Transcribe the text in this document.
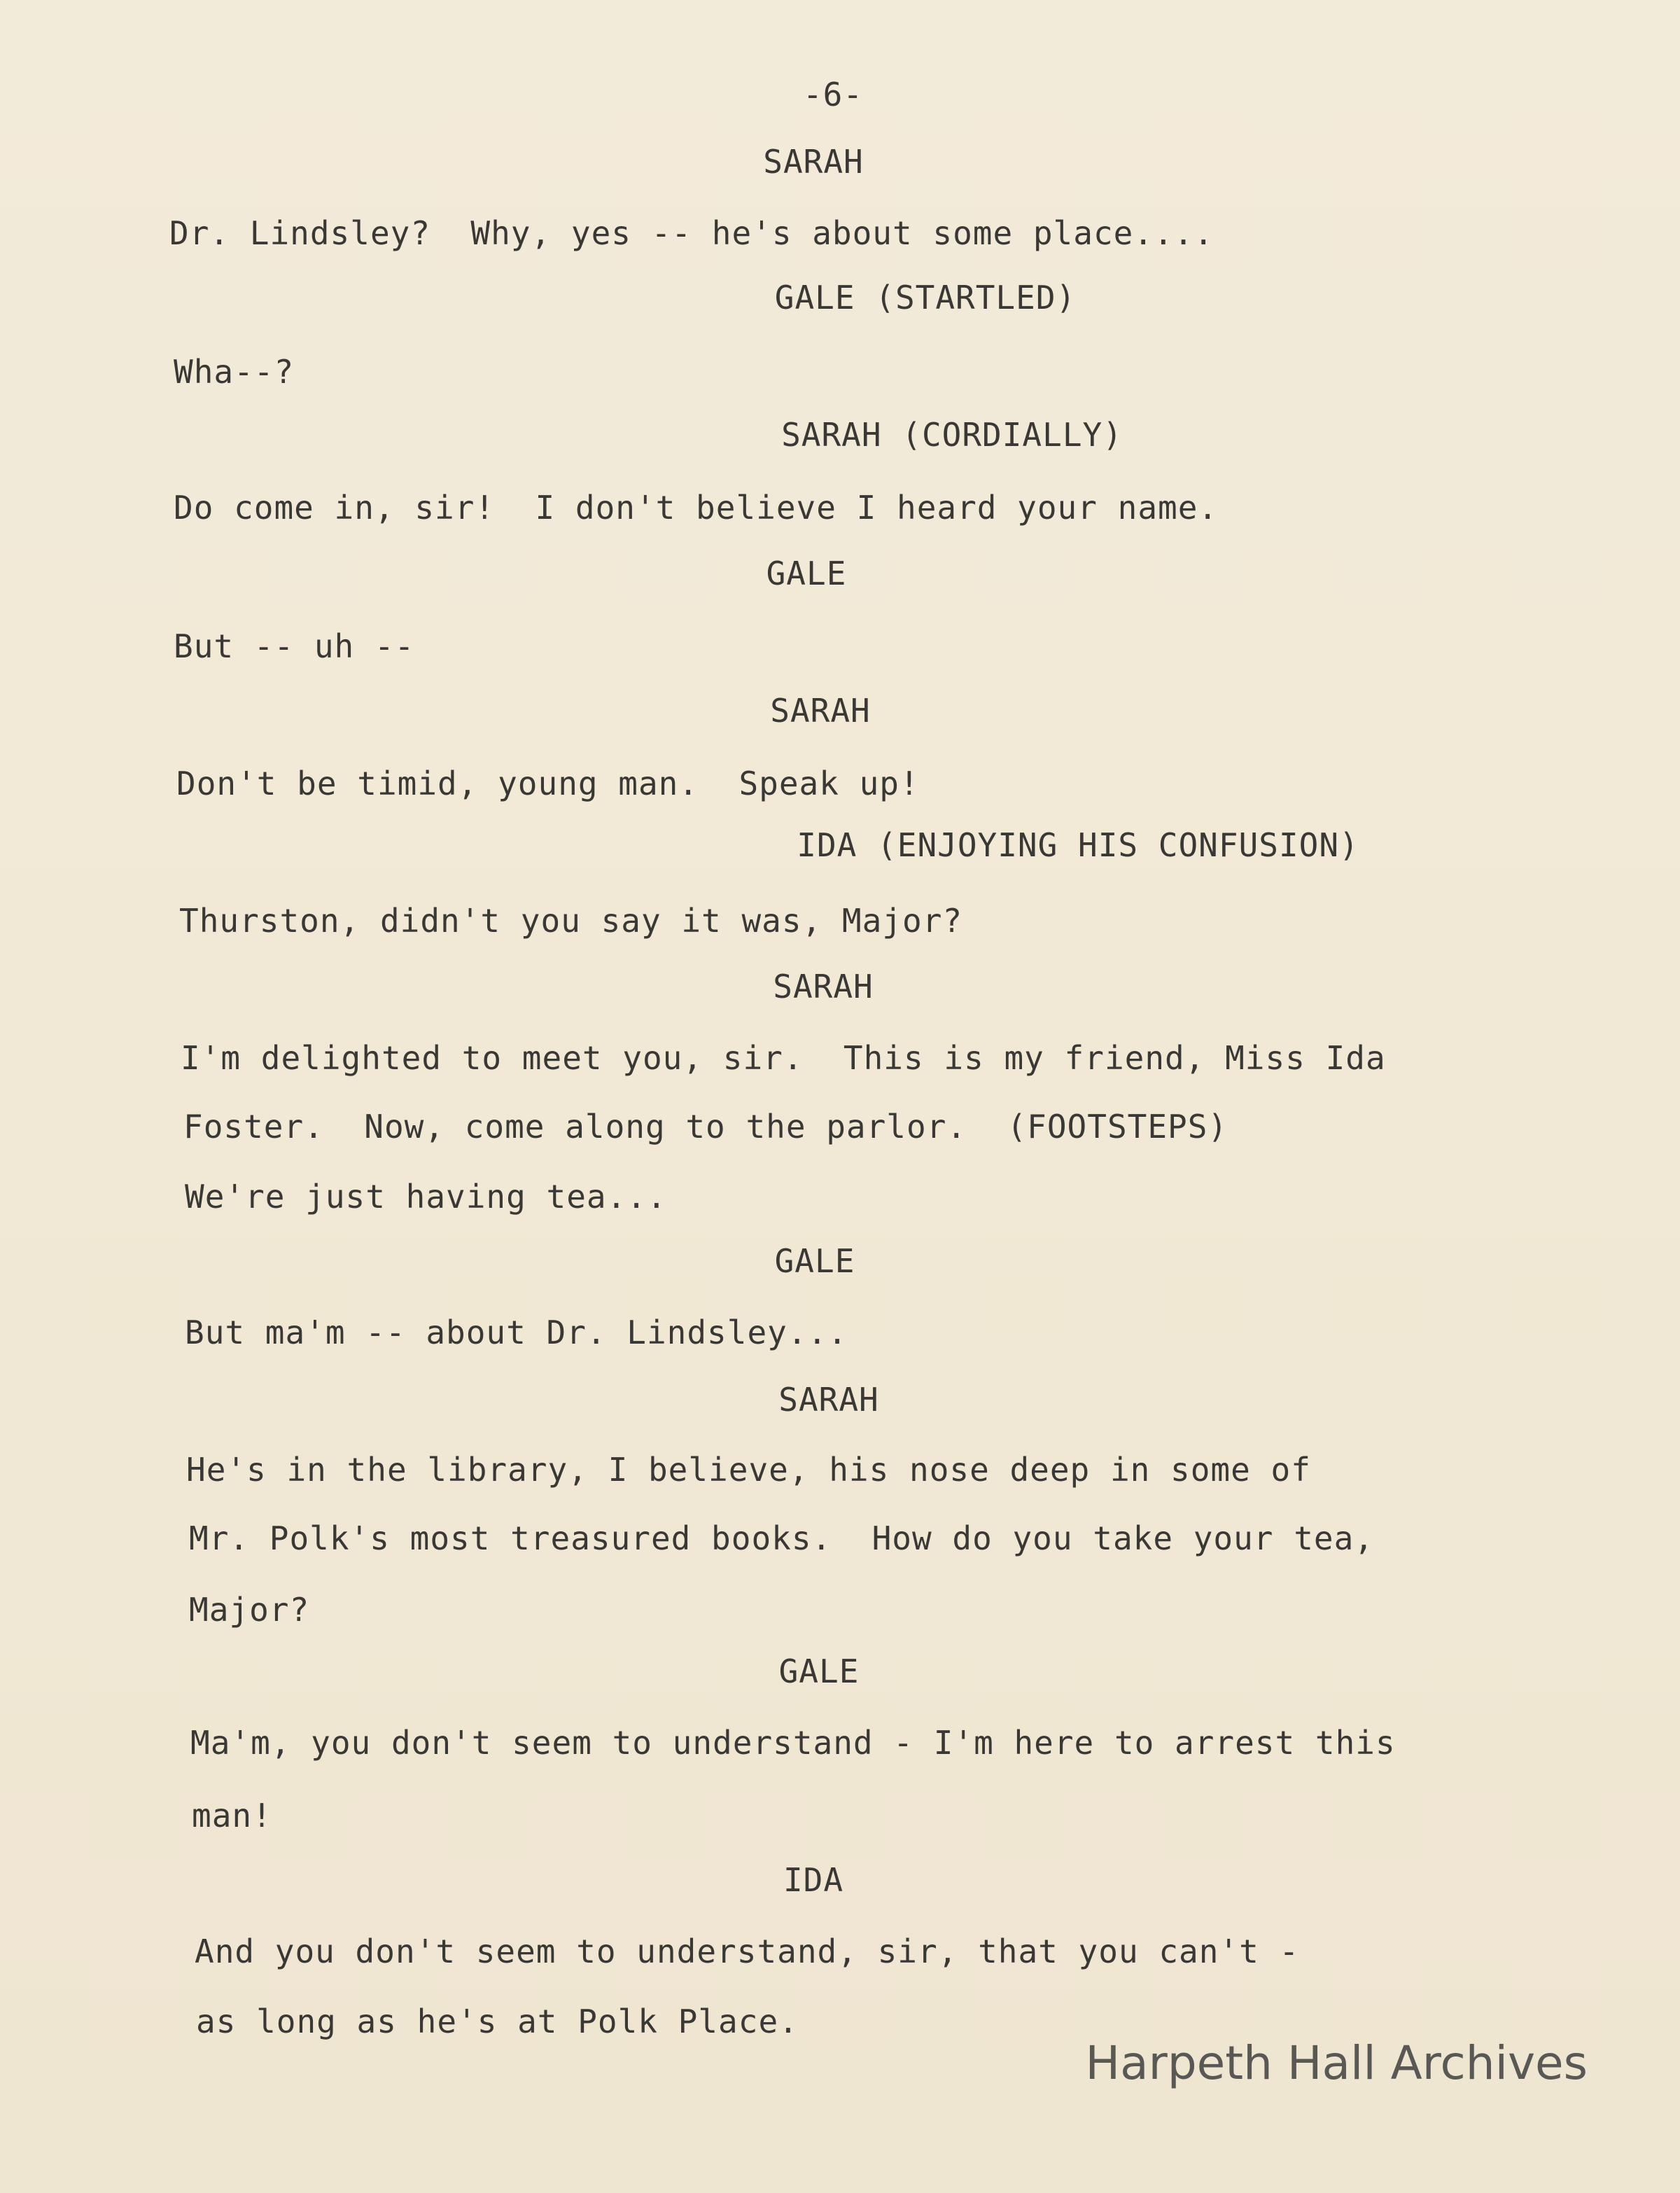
-6-
SARAH
Dr. Lindsley?  Why, yes -- he's about some place....
GALE (STARTLED)
Wha--?
SARAH (CORDIALLY)
Do come in, sir!  I don't believe I heard your name.
GALE
But -- uh --
SARAH
Don't be timid, young man.  Speak up!
IDA (ENJOYING HIS CONFUSION)
Thurston, didn't you say it was, Major?
SARAH
I'm delighted to meet you, sir.  This is my friend, Miss Ida
Foster.  Now, come along to the parlor.  (FOOTSTEPS)
We're just having tea...
GALE
But ma'm -- about Dr. Lindsley...
SARAH
He's in the library, I believe, his nose deep in some of
Mr. Polk's most treasured books.  How do you take your tea,
Major?
GALE
Ma'm, you don't seem to understand - I'm here to arrest this
man!
IDA
And you don't seem to understand, sir, that you can't -
as long as he's at Polk Place.
Harpeth Hall Archives
